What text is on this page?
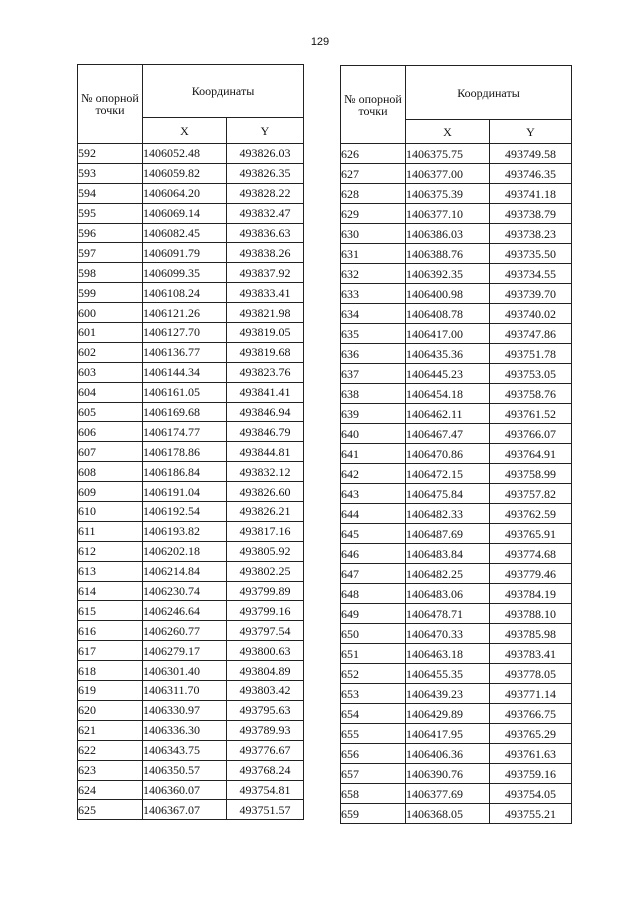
129
№ опорной точки	Координаты	
	X	Y
592	1406052.48	493826.03
593	1406059.82	493826.35
594	1406064.20	493828.22
595	1406069.14	493832.47
596	1406082.45	493836.63
597	1406091.79	493838.26
598	1406099.35	493837.92
599	1406108.24	493833.41
600	1406121.26	493821.98
601	1406127.70	493819.05
602	1406136.77	493819.68
603	1406144.34	493823.76
604	1406161.05	493841.41
605	1406169.68	493846.94
606	1406174.77	493846.79
607	1406178.86	493844.81
608	1406186.84	493832.12
609	1406191.04	493826.60
610	1406192.54	493826.21
611	1406193.82	493817.16
612	1406202.18	493805.92
613	1406214.84	493802.25
614	1406230.74	493799.89
615	1406246.64	493799.16
616	1406260.77	493797.54
617	1406279.17	493800.63
618	1406301.40	493804.89
619	1406311.70	493803.42
620	1406330.97	493795.63
621	1406336.30	493789.93
622	1406343.75	493776.67
623	1406350.57	493768.24
624	1406360.07	493754.81
625	1406367.07	493751.57
№ опорной точки	Координаты	
	X	Y
626	1406375.75	493749.58
627	1406377.00	493746.35
628	1406375.39	493741.18
629	1406377.10	493738.79
630	1406386.03	493738.23
631	1406388.76	493735.50
632	1406392.35	493734.55
633	1406400.98	493739.70
634	1406408.78	493740.02
635	1406417.00	493747.86
636	1406435.36	493751.78
637	1406445.23	493753.05
638	1406454.18	493758.76
639	1406462.11	493761.52
640	1406467.47	493766.07
641	1406470.86	493764.91
642	1406472.15	493758.99
643	1406475.84	493757.82
644	1406482.33	493762.59
645	1406487.69	493765.91
646	1406483.84	493774.68
647	1406482.25	493779.46
648	1406483.06	493784.19
649	1406478.71	493788.10
650	1406470.33	493785.98
651	1406463.18	493783.41
652	1406455.35	493778.05
653	1406439.23	493771.14
654	1406429.89	493766.75
655	1406417.95	493765.29
656	1406406.36	493761.63
657	1406390.76	493759.16
658	1406377.69	493754.05
659	1406368.05	493755.21
